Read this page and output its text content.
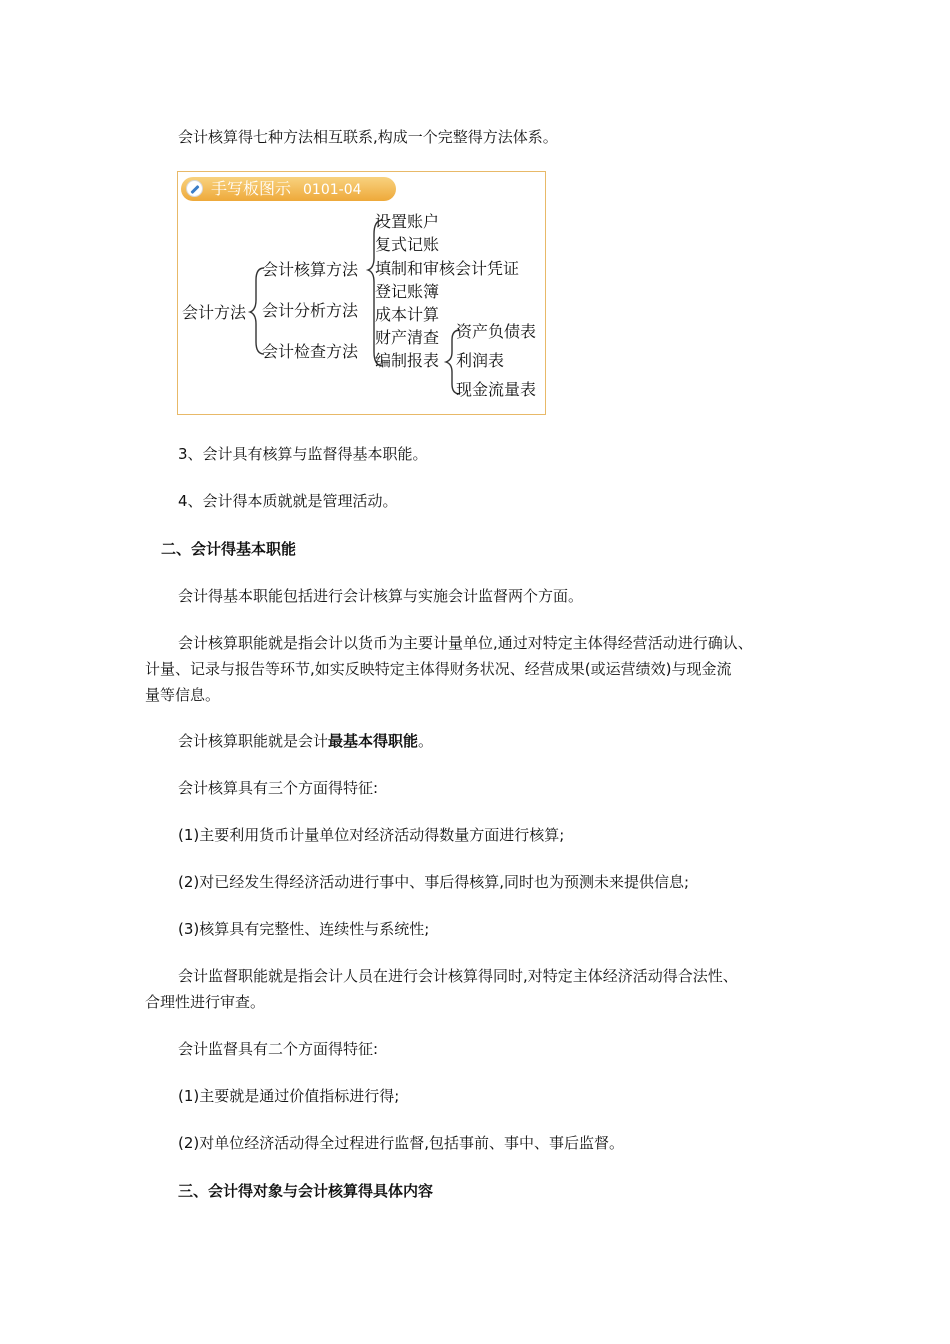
会计核算得七种方法相互联系,构成一个完整得方法体系。
手写板图示 0101-04
会计方法
会计核算方法
会计分析方法
会计检查方法
设置账户
复式记账
填制和审核会计凭证
登记账簿
成本计算
财产清查
编制报表
资产负债表
利润表
现金流量表
3、会计具有核算与监督得基本职能。
4、会计得本质就就是管理活动。
二、会计得基本职能
会计得基本职能包括进行会计核算与实施会计监督两个方面。
会计核算职能就是指会计以货币为主要计量单位,通过对特定主体得经营活动进行确认、
计量、记录与报告等环节,如实反映特定主体得财务状况、经营成果(或运营绩效)与现金流
量等信息。
会计核算职能就是会计最基本得职能。
会计核算具有三个方面得特征:
(1)主要利用货币计量单位对经济活动得数量方面进行核算;
(2)对已经发生得经济活动进行事中、事后得核算,同时也为预测未来提供信息;
(3)核算具有完整性、连续性与系统性;
会计监督职能就是指会计人员在进行会计核算得同时,对特定主体经济活动得合法性、
合理性进行审查。
会计监督具有二个方面得特征:
(1)主要就是通过价值指标进行得;
(2)对单位经济活动得全过程进行监督,包括事前、事中、事后监督。
三、会计得对象与会计核算得具体内容
